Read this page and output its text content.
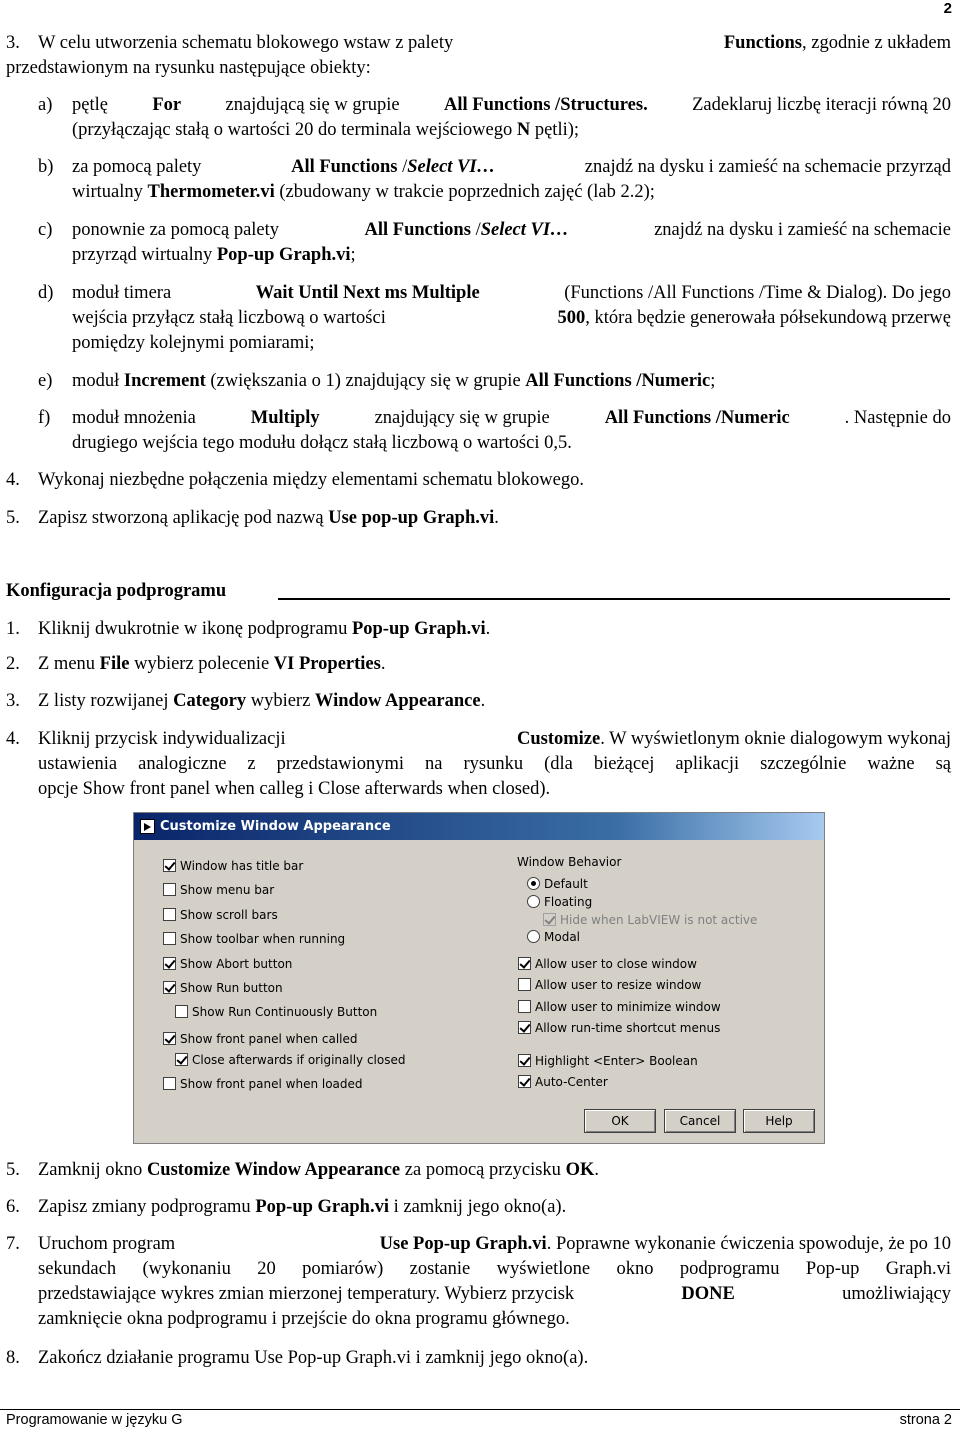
2
3. W celu utworzenia schematu blokowego wstaw z palety	Functions, zgodnie z układem
przedstawionym na rysunku następujące obiekty:
a) pętlę For znajdującą się w grupie All Functions /Structures. Zadeklaruj liczbę iteracji równą 20
(przyłączając stałą o wartości 20 do terminala wejściowego N pętli);
b) za pomocą palety	All Functions /Select VI…	znajdź na dysku i zamieść na schemacie przyrząd
wirtualny Thermometer.vi (zbudowany w trakcie poprzednich zajęć (lab 2.2);
c) ponownie za pomocą palety	All Functions /Select VI…	znajdź na dysku i zamieść na schemacie
przyrząd wirtualny Pop-up Graph.vi;
d) moduł timera	Wait Until Next ms Multiple	(Functions /All Functions /Time & Dialog). Do jego
wejścia przyłącz stałą liczbową o wartości	500, która będzie generowała półsekundową przerwę
pomiędzy kolejnymi pomiarami;
e) moduł Increment (zwiększania o 1) znajdujący się w grupie All Functions /Numeric;
f) moduł mnożenia	Multiply	znajdujący się w grupie	All Functions /Numeric	. Następnie do
drugiego wejścia tego modułu dołącz stałą liczbową o wartości 0,5.
4. Wykonaj niezbędne połączenia między elementami schematu blokowego.
5. Zapisz stworzoną aplikację pod nazwą Use pop-up Graph.vi.
Konfiguracja podprogramu
1. Kliknij dwukrotnie w ikonę podprogramu Pop-up Graph.vi.
2. Z menu File wybierz polecenie VI Properties.
3. Z listy rozwijanej Category wybierz Window Appearance.
4. Kliknij przycisk indywidualizacji	Customize. W wyświetlonym oknie dialogowym wykonaj
ustawienia analogiczne z przedstawionymi na rysunku (dla bieżącej aplikacji szczególnie ważne są
opcje Show front panel when calleg i Close afterwards when closed).
Customize Window Appearance
Window has title bar
Show menu bar
Show scroll bars
Show toolbar when running
Show Abort button
Show Run button
Show Run Continuously Button
Show front panel when called
Close afterwards if originally closed
Show front panel when loaded
Window Behavior
Default
Floating
Hide when LabVIEW is not active
Modal
Allow user to close window
Allow user to resize window
Allow user to minimize window
Allow run-time shortcut menus
Highlight <Enter> Boolean
Auto-Center
OK	Cancel	Help
5. Zamknij okno Customize Window Appearance za pomocą przycisku OK.
6. Zapisz zmiany podprogramu Pop-up Graph.vi i zamknij jego okno(a).
7. Uruchom program	Use Pop-up Graph.vi. Poprawne wykonanie ćwiczenia spowoduje, że po 10
sekundach (wykonaniu 20 pomiarów) zostanie wyświetlone okno podprogramu Pop-up Graph.vi
przedstawiające wykres zmian mierzonej temperatury. Wybierz przycisk	DONE	umożliwiający
zamknięcie okna podprogramu i przejście do okna programu głównego.
8. Zakończ działanie programu Use Pop-up Graph.vi i zamknij jego okno(a).
Programowanie w języku G	strona 2
